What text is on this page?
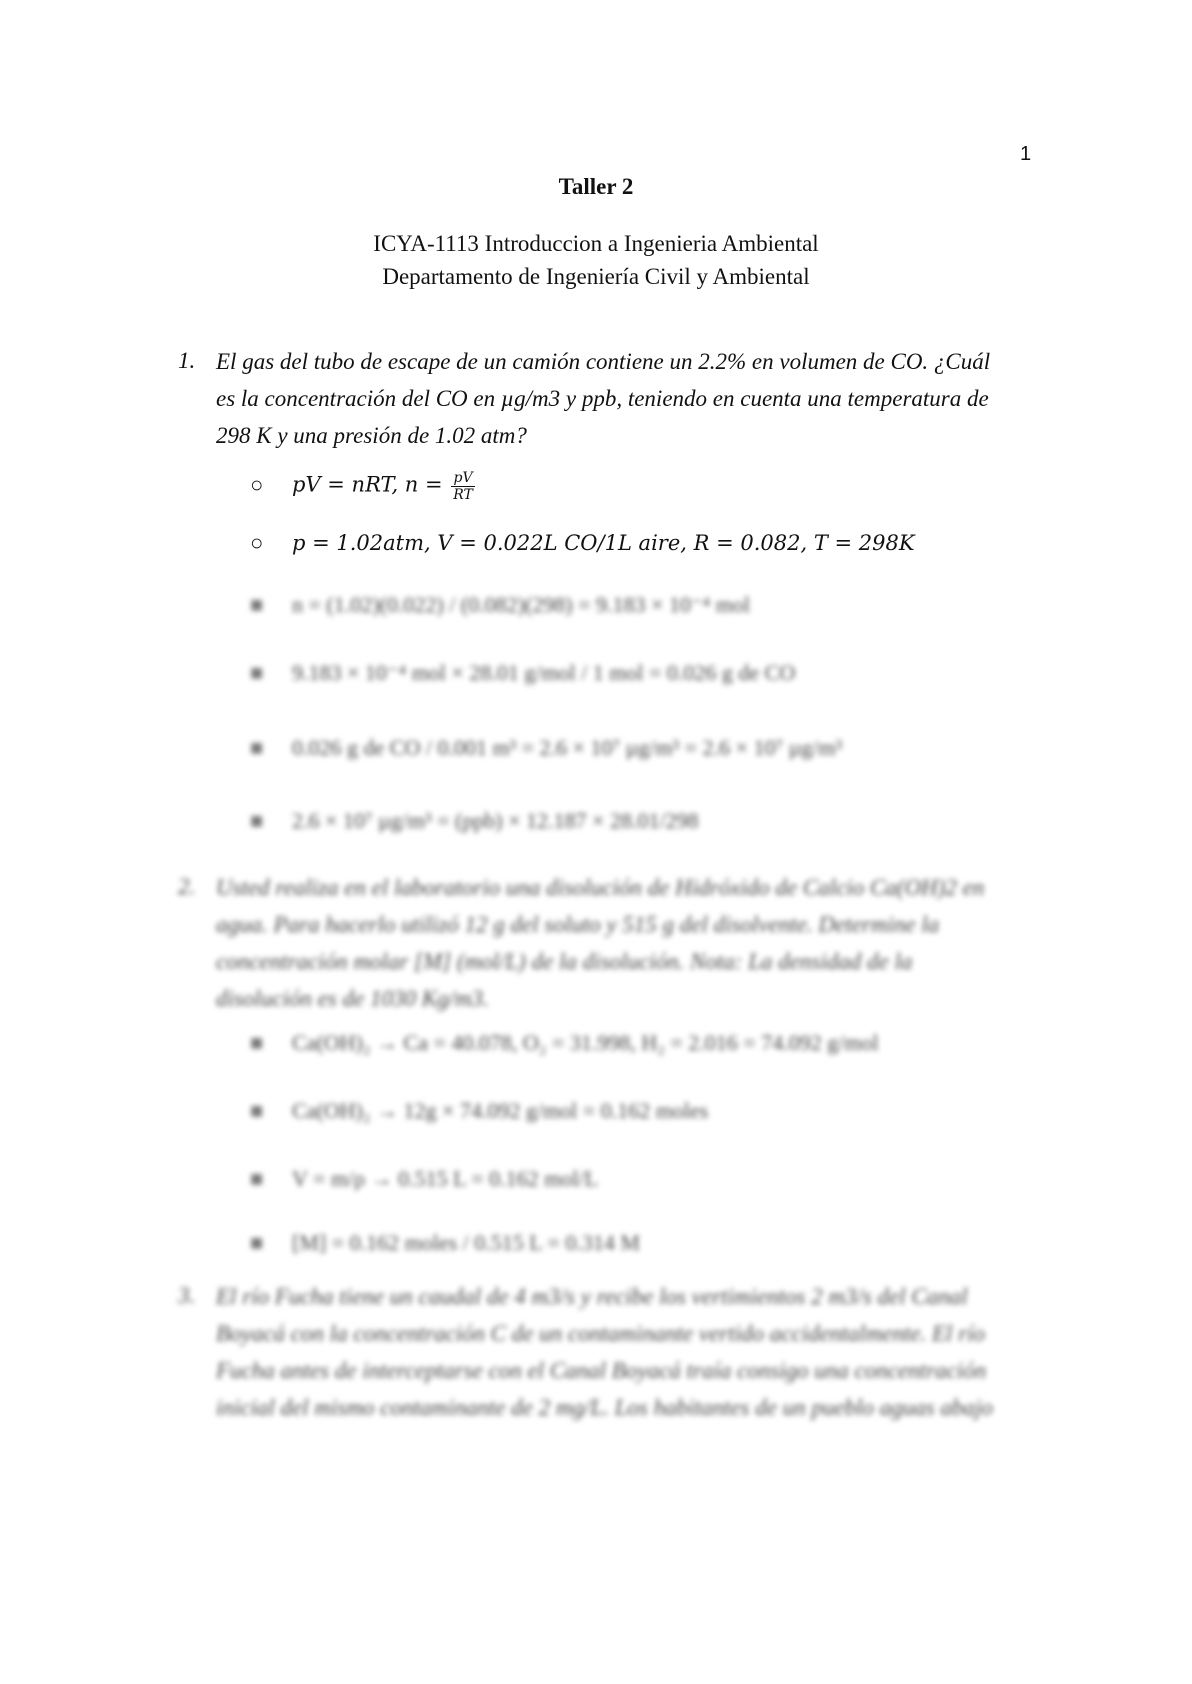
1
Taller 2
ICYA-1113 Introduccion a Ingenieria Ambiental
Departamento de Ingeniería Civil y Ambiental
1. El gas del tubo de escape de un camión contiene un 2.2% en volumen de CO. ¿Cuál
es la concentración del CO en µg/m3 y ppb, teniendo en cuenta una temperatura de
298 K y una presión de 1.02 atm?
○ pV = nRT, $n = \frac{pV}{RT}$
○ p = 1.02atm, V = 0.022L CO/1L aire, R = 0.082, T = 298K
■ n = (1.02)(0.022) / (0.082)(298) = 9.183 × 10⁻⁴ mol
■ 9.183 × 10⁻⁴ mol × 28.01 g/mol / 1 mol = 0.026 g de CO
■ 0.026 g de CO / 0.001 m³ = 2.6 × 10⁷ µg/m³ = 2.6 × 10⁷ µg/m³
■ 2.6 × 10⁷ µg/m³ = (ppb) × 12.187 × 28.01/298
2. Usted realiza en el laboratorio una disolución de Hidróxido de Calcio Ca(OH)2 en
agua. Para hacerlo utilizó 12 g del soluto y 515 g del disolvente. Determine la
concentración molar [M] (mol/L) de la disolución. Nota: La densidad de la
disolución es de 1030 Kg/m3.
■ Ca(OH)₂ → Ca = 40.078, O₂ = 31.998, H₂ = 2.016 = 74.092 g/mol
■ Ca(OH)₂ → 12g × 74.092 g/mol = 0.162 moles
■ V = m/ρ → 0.515 L = 0.162 mol/L
■ [M] = 0.162 moles / 0.515 L = 0.314 M
3. El río Fucha tiene un caudal de 4 m3/s y recibe los vertimientos 2 m3/s del Canal
Boyacá con la concentración C de un contaminante vertido accidentalmente. El río
Fucha antes de interceptarse con el Canal Boyacá traía consigo una concentración
inicial del mismo contaminante de 2 mg/L. Los habitantes de un pueblo aguas abajo
